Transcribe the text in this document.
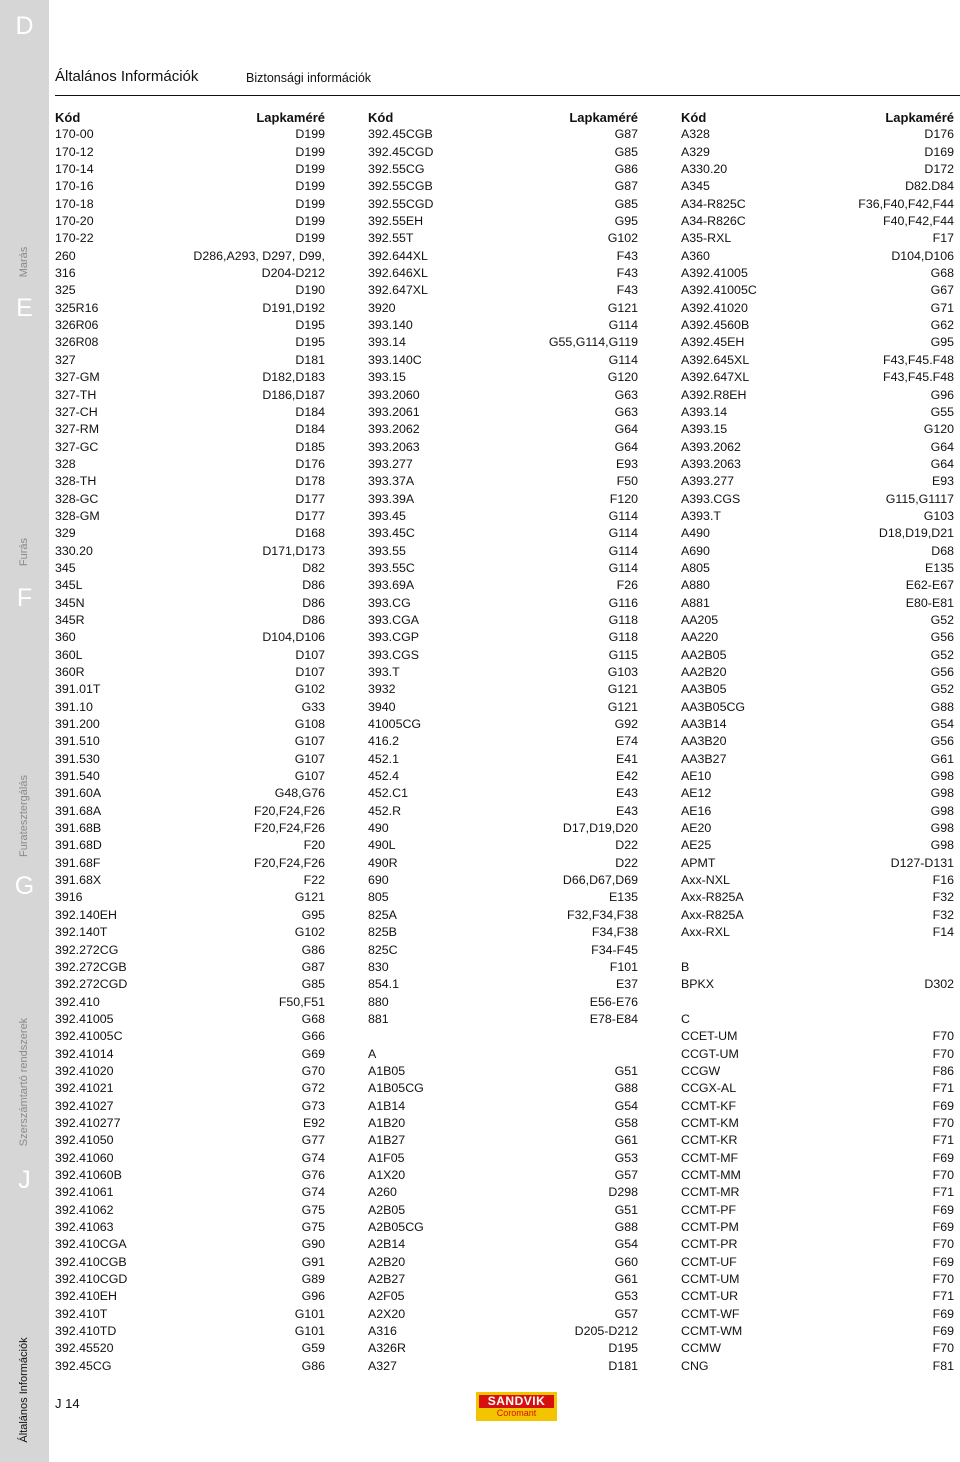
D
Marás
E
Furás
F
Furatesztergálás
G
Szerszámtartó rendszerek
J
Általános Információk
Általános Információk	Biztonsági információk
Kód	Lapkaméré
170-00	D199
170-12	D199
170-14	D199
170-16	D199
170-18	D199
170-20	D199
170-22	D199
260	D286,A293, D297, D99,
316	D204-D212
325	D190
325R16	D191,D192
326R06	D195
326R08	D195
327	D181
327-GM	D182,D183
327-TH	D186,D187
327-CH	D184
327-RM	D184
327-GC	D185
328	D176
328-TH	D178
328-GC	D177
328-GM	D177
329	D168
330.20	D171,D173
345	D82
345L	D86
345N	D86
345R	D86
360	D104,D106
360L	D107
360R	D107
391.01T	G102
391.10	G33
391.200	G108
391.510	G107
391.530	G107
391.540	G107
391.60A	G48,G76
391.68A	F20,F24,F26
391.68B	F20,F24,F26
391.68D	F20
391.68F	F20,F24,F26
391.68X	F22
3916	G121
392.140EH	G95
392.140T	G102
392.272CG	G86
392.272CGB	G87
392.272CGD	G85
392.410	F50,F51
392.41005	G68
392.41005C	G66
392.41014	G69
392.41020	G70
392.41021	G72
392.41027	G73
392.410277	E92
392.41050	G77
392.41060	G74
392.41060B	G76
392.41061	G74
392.41062	G75
392.41063	G75
392.410CGA	G90
392.410CGB	G91
392.410CGD	G89
392.410EH	G96
392.410T	G101
392.410TD	G101
392.45520	G59
392.45CG	G86
Kód	Lapkaméré
392.45CGB	G87
392.45CGD	G85
392.55CG	G86
392.55CGB	G87
392.55CGD	G85
392.55EH	G95
392.55T	G102
392.644XL	F43
392.646XL	F43
392.647XL	F43
3920	G121
393.140	G114
393.14	G55,G114,G119
393.140C	G114
393.15	G120
393.2060	G63
393.2061	G63
393.2062	G64
393.2063	G64
393.277	E93
393.37A	F50
393.39A	F120
393.45	G114
393.45C	G114
393.55	G114
393.55C	G114
393.69A	F26
393.CG	G116
393.CGA	G118
393.CGP	G118
393.CGS	G115
393.T	G103
3932	G121
3940	G121
41005CG	G92
416.2	E74
452.1	E41
452.4	E42
452.C1	E43
452.R	E43
490	D17,D19,D20
490L	D22
490R	D22
690	D66,D67,D69
805	E135
825A	F32,F34,F38
825B	F34,F38
825C	F34-F45
830	F101
854.1	E37
880	E56-E76
881	E78-E84
A
A1B05	G51
A1B05CG	G88
A1B14	G54
A1B20	G58
A1B27	G61
A1F05	G53
A1X20	G57
A260	D298
A2B05	G51
A2B05CG	G88
A2B14	G54
A2B20	G60
A2B27	G61
A2F05	G53
A2X20	G57
A316	D205-D212
A326R	D195
A327	D181
Kód	Lapkaméré
A328	D176
A329	D169
A330.20	D172
A345	D82.D84
A34-R825C	F36,F40,F42,F44
A34-R826C	F40,F42,F44
A35-RXL	F17
A360	D104,D106
A392.41005	G68
A392.41005C	G67
A392.41020	G71
A392.4560B	G62
A392.45EH	G95
A392.645XL	F43,F45.F48
A392.647XL	F43,F45.F48
A392.R8EH	G96
A393.14	G55
A393.15	G120
A393.2062	G64
A393.2063	G64
A393.277	E93
A393.CGS	G115,G1117
A393.T	G103
A490	D18,D19,D21
A690	D68
A805	E135
A880	E62-E67
A881	E80-E81
AA205	G52
AA220	G56
AA2B05	G52
AA2B20	G56
AA3B05	G52
AA3B05CG	G88
AA3B14	G54
AA3B20	G56
AA3B27	G61
AE10	G98
AE12	G98
AE16	G98
AE20	G98
AE25	G98
APMT	D127-D131
Axx-NXL	F16
Axx-R825A	F32
Axx-R825A	F32
Axx-RXL	F14
B
BPKX	D302
C
CCET-UM	F70
CCGT-UM	F70
CCGW	F86
CCGX-AL	F71
CCMT-KF	F69
CCMT-KM	F70
CCMT-KR	F71
CCMT-MF	F69
CCMT-MM	F70
CCMT-MR	F71
CCMT-PF	F69
CCMT-PM	F69
CCMT-PR	F70
CCMT-UF	F69
CCMT-UM	F70
CCMT-UR	F71
CCMT-WF	F69
CCMT-WM	F69
CCMW	F70
CNG	F81
J 14	SANDVIK
Coromant
